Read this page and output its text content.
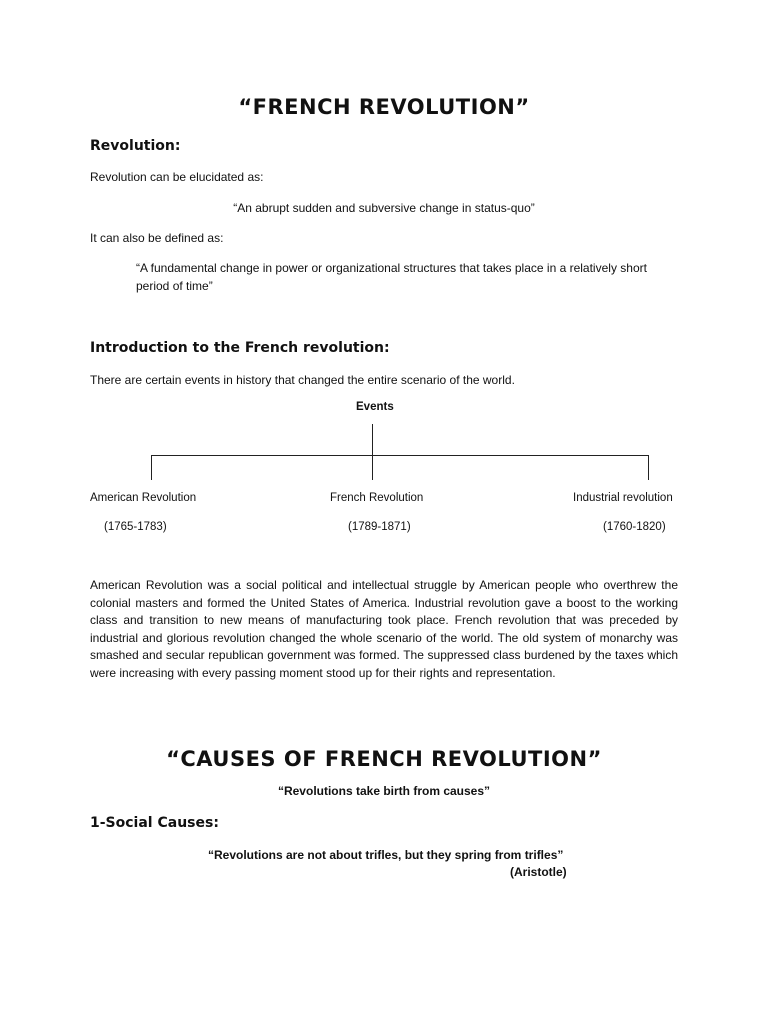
“FRENCH REVOLUTION”
Revolution:
Revolution can be elucidated as:
“An abrupt sudden and subversive change in status-quo”
It can also be defined as:
“A fundamental change in power or organizational structures that takes place in a relatively short period of time”
Introduction to the French revolution:
There are certain events in history that changed the entire scenario of the world.
Events
American Revolution
(1765-1783)
French Revolution
(1789-1871)
Industrial revolution
(1760-1820)
American Revolution was a social political and intellectual struggle by American people who overthrew the colonial masters and formed the United States of America. Industrial revolution gave a boost to the working class and transition to new means of manufacturing took place. French revolution that was preceded by industrial and glorious revolution changed the whole scenario of the world. The old system of monarchy was smashed and secular republican government was formed. The suppressed class burdened by the taxes which were increasing with every passing moment stood up for their rights and representation.
“CAUSES OF FRENCH REVOLUTION”
“Revolutions take birth from causes”
1-Social Causes:
“Revolutions are not about trifles, but they spring from trifles”
(Aristotle)
